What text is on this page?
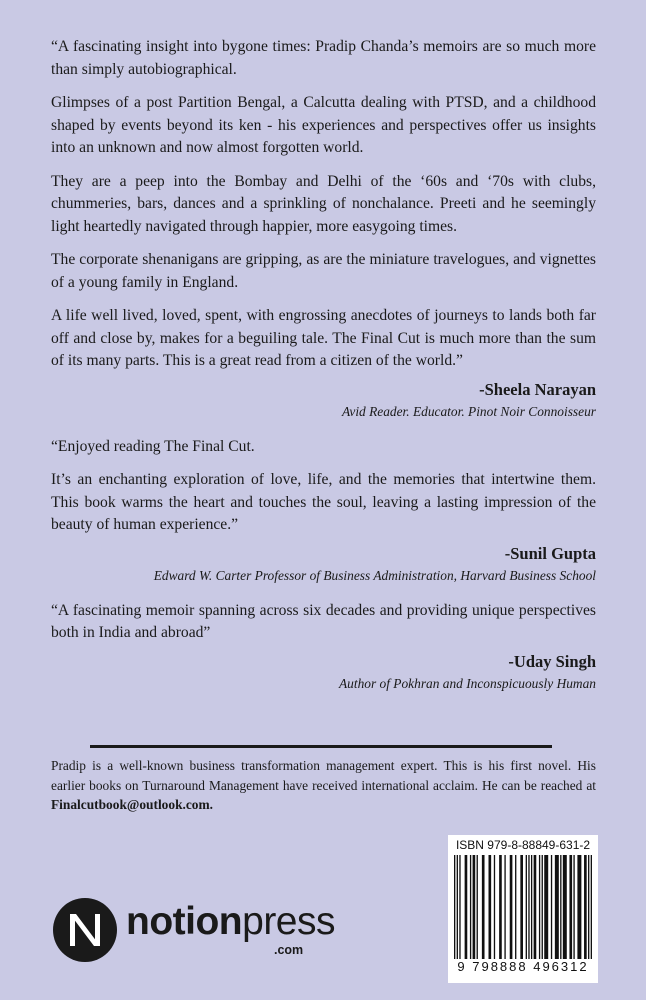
“A fascinating insight into bygone times: Pradip Chanda’s memoirs are so much more than simply autobiographical.

Glimpses of a post Partition Bengal, a Calcutta dealing with PTSD, and a childhood shaped by events beyond its ken - his experiences and perspectives offer us insights into an unknown and now almost forgotten world.

They are a peep into the Bombay and Delhi of the ‘60s and ‘70s with clubs, chummeries, bars, dances and a sprinkling of nonchalance. Preeti and he seemingly light heartedly navigated through happier, more easygoing times.

The corporate shenanigans are gripping, as are the miniature travelogues, and vignettes of a young family in England.

A life well lived, loved, spent, with engrossing anecdotes of journeys to lands both far off and close by, makes for a beguiling tale. The Final Cut is much more than the sum of its many parts. This is a great read from a citizen of the world.”

-Sheela Narayan
Avid Reader. Educator. Pinot Noir Connoisseur

“Enjoyed reading The Final Cut.

It’s an enchanting exploration of love, life, and the memories that intertwine them. This book warms the heart and touches the soul, leaving a lasting impression of the beauty of human experience.”

-Sunil Gupta
Edward W. Carter Professor of Business Administration, Harvard Business School

“A fascinating memoir spanning across six decades and providing unique perspectives both in India and abroad”

-Uday Singh
Author of Pokhran and Inconspicuously Human
Pradip is a well-known business transformation management expert. This is his first novel. His earlier books on Turnaround Management have received international acclaim. He can be reached at Finalcutbook@outlook.com.
ISBN 979-8-88849-631-2
9 798888 496312
notionpress
.com
